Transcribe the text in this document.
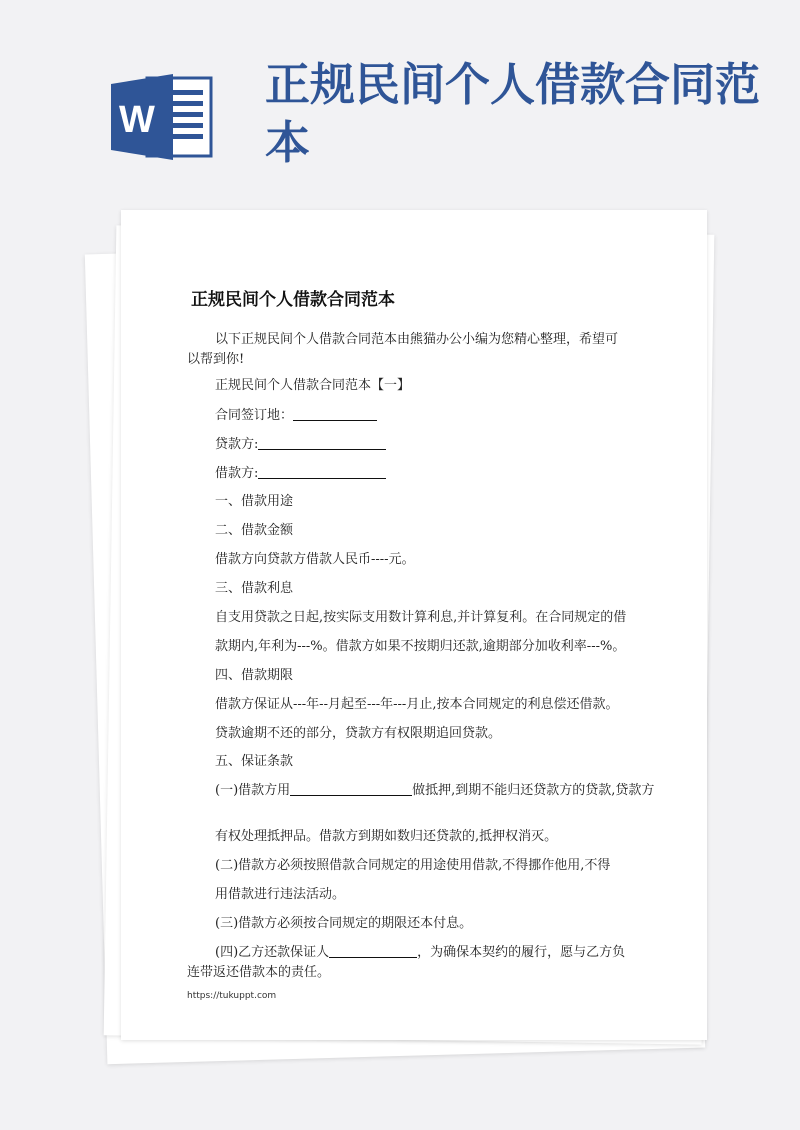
W
正规民间个人借款合同范本
正规民间个人借款合同范本
以下正规民间个人借款合同范本由熊猫办公小编为您精心整理，希望可以帮到你!
正规民间个人借款合同范本【一】
合同签订地：
贷款方:
借款方:
一、借款用途
二、借款金额
借款方向贷款方借款人民币----元。
三、借款利息
自支用贷款之日起,按实际支用数计算利息,并计算复利。在合同规定的借
款期内,年利为---%。借款方如果不按期归还款,逾期部分加收利率---%。
四、借款期限
借款方保证从---年--月起至---年---月止,按本合同规定的利息偿还借款。
贷款逾期不还的部分，贷款方有权限期追回贷款。
五、保证条款
(一)借款方用	做抵押,到期不能归还贷款方的贷款,贷款方
有权处理抵押品。借款方到期如数归还贷款的,抵押权消灭。
(二)借款方必须按照借款合同规定的用途使用借款,不得挪作他用,不得
用借款进行违法活动。
(三)借款方必须按合同规定的期限还本付息。
(四)乙方还款保证人	，为确保本契约的履行，愿与乙方负连带返还借款本的责任。
https://tukuppt.com
